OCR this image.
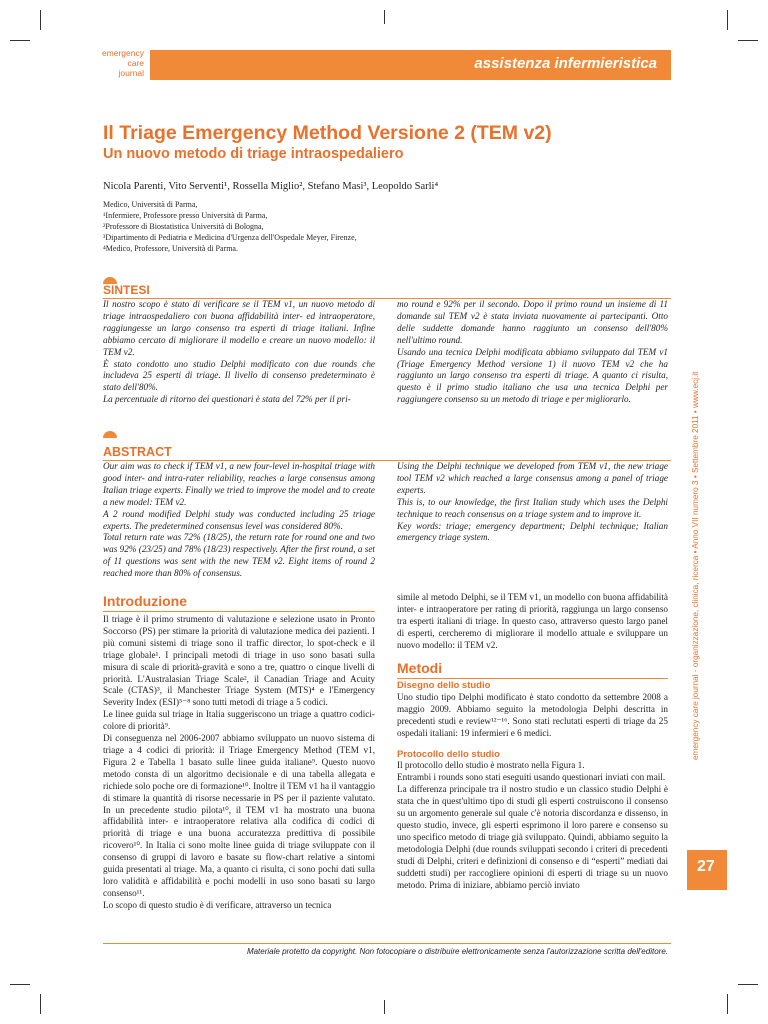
emergency
care
journal
assistenza infermieristica
Il Triage Emergency Method Versione 2 (TEM v2)
Un nuovo metodo di triage intraospedaliero
Nicola Parenti, Vito Serventi¹, Rossella Miglio², Stefano Masi³, Leopoldo Sarli⁴
Medico, Università di Parma,
¹Infermiere, Professore presso Università di Parma,
²Professore di Biostatistica Università di Bologna,
³Dipartimento di Pediatria e Medicina d'Urgenza dell'Ospedale Meyer, Firenze,
⁴Medico, Professore, Università di Parma.
SINTESI
Il nostro scopo è stato di verificare se il TEM v1, un nuovo metodo di triage intraospedaliero con buona affidabilità inter- ed intraoperatore, raggiungesse un largo consenso tra esperti di triage italiani. Infine abbiamo cercato di migliorare il modello e creare un nuovo modello: il TEM v2.
È stato condotto uno studio Delphi modificato con due rounds che includeva 25 esperti di triage. Il livello di consenso predeterminato è stato dell'80%.
La percentuale di ritorno dei questionari è stata del 72% per il pri-
mo round e 92% per il secondo. Dopo il primo round un insieme di 11 domande sul TEM v2 è stata inviata nuovamente ai partecipanti. Otto delle suddette domande hanno raggiunto un consenso dell'80% nell'ultimo round.
Usando una tecnica Delphi modificata abbiamo sviluppato dal TEM v1 (Triage Emergency Method versione 1) il nuovo TEM v2 che ha raggiunto un largo consenso tra esperti di triage. A quanto ci risulta, questo è il primo studio italiano che usa una tecnica Delphi per raggiungere consenso su un metodo di triage e per migliorarlo.
ABSTRACT
Our aim was to check if TEM v1, a new four-level in-hospital triage with good inter- and intra-rater reliability, reaches a large consensus among Italian triage experts. Finally we tried to improve the model and to create a new model: TEM v2.
A 2 round modified Delphi study was conducted including 25 triage experts. The predetermined consensus level was considered 80%.
Total return rate was 72% (18/25), the return rate for round one and two was 92% (23/25) and 78% (18/23) respectively. After the first round, a set of 11 questions was sent with the new TEM v2. Eight items of round 2 reached more than 80% of consensus.
Using the Delphi technique we developed from TEM v1, the new triage tool TEM v2 which reached a large consensus among a panel of triage experts.
This is, to our knowledge, the first Italian study which uses the Delphi technique to reach consensus on a triage system and to improve it.
Key words: triage; emergency department; Delphi technique; Italian emergency triage system.
Introduzione
Il triage è il primo strumento di valutazione e selezione usato in Pronto Soccorso (PS) per stimare la priorità di valutazione medica dei pazienti. I più comuni sistemi di triage sono il traffic director, lo spot-check e il triage globale¹. I principali metodi di triage in uso sono basati sulla misura di scale di priorità-gravità e sono a tre, quattro o cinque livelli di priorità. L'Australasian Triage Scale², il Canadian Triage and Acuity Scale (CTAS)³, il Manchester Triage System (MTS)⁴ e l'Emergency Severity Index (ESI)⁵⁻⁸ sono tutti metodi di triage a 5 codici.
Le linee guida sul triage in Italia suggeriscono un triage a quattro codici-colore di priorità⁹.
Di conseguenza nel 2006-2007 abbiamo sviluppato un nuovo sistema di triage a 4 codici di priorità: il Triage Emergency Method (TEM v1, Figura 2 e Tabella 1 basato sulle linee guida italiane⁹. Questo nuovo metodo consta di un algoritmo decisionale e di una tabella allegata e richiede solo poche ore di formazione¹⁰. Inoltre il TEM v1 ha il vantaggio di stimare la quantità di risorse necessarie in PS per il paziente valutato. In un precedente studio pilota¹⁰, il TEM v1 ha mostrato una buona affidabilità inter- e intraoperatore relativa alla codifica di codici di priorità di triage e una buona accuratezza predittiva di possibile ricovero¹⁰. In Italia ci sono molte linee guida di triage sviluppate con il consenso di gruppi di lavoro e basate su flow-chart relative a sintomi guida presentati al triage. Ma, a quanto ci risulta, ci sono pochi dati sulla loro validità e affidabilità e pochi modelli in uso sono basati su largo consenso¹¹.
Lo scopo di questo studio è di verificare, attraverso un tecnica
simile al metodo Delphi, se il TEM v1, un modello con buona affidabilità inter- e intraoperatore per rating di priorità, raggiunga un largo consenso tra esperti italiani di triage. In questo caso, attraverso questo largo panel di esperti, cercheremo di migliorare il modello attuale e sviluppare un nuovo modello: il TEM v2.
Metodi
Disegno dello studio

Uno studio tipo Delphi modificato è stato condotto da settembre 2008 a maggio 2009. Abbiamo seguito la metodologia Delphi descritta in precedenti studi e review¹²⁻¹⁶. Sono stati reclutati esperti di triage da 25 ospedali italiani: 19 infermieri e 6 medici.

Protocollo dello studio

Il protocollo dello studio è mostrato nella Figura 1.
Entrambi i rounds sono stati eseguiti usando questionari inviati con mail.
La differenza principale tra il nostro studio e un classico studio Delphi è stata che in quest'ultimo tipo di studi gli esperti costruiscono il consenso su un argomento generale sul quale c'è notoria discordanza e dissenso, in questo studio, invece, gli esperti esprimono il loro parere e consenso su uno specifico metodo di triage già sviluppato. Quindi, abbiamo seguito la metodologia Delphi (due rounds sviluppati secondo i criteri di precedenti studi di Delphi, criteri e definizioni di consenso e di “esperti” mediati dai suddetti studi) per raccogliere opinioni di esperti di triage su un nuovo metodo. Prima di iniziare, abbiamo perciò inviato

emergency care journal - organizzazione, clinica, ricerca • Anno VII numero 3 • Settembre 2011 • www.ecj.it
27
Materiale protetto da copyright. Non fotocopiare o distribuire elettronicamente senza l'autorizzazione scritta dell'editore.
